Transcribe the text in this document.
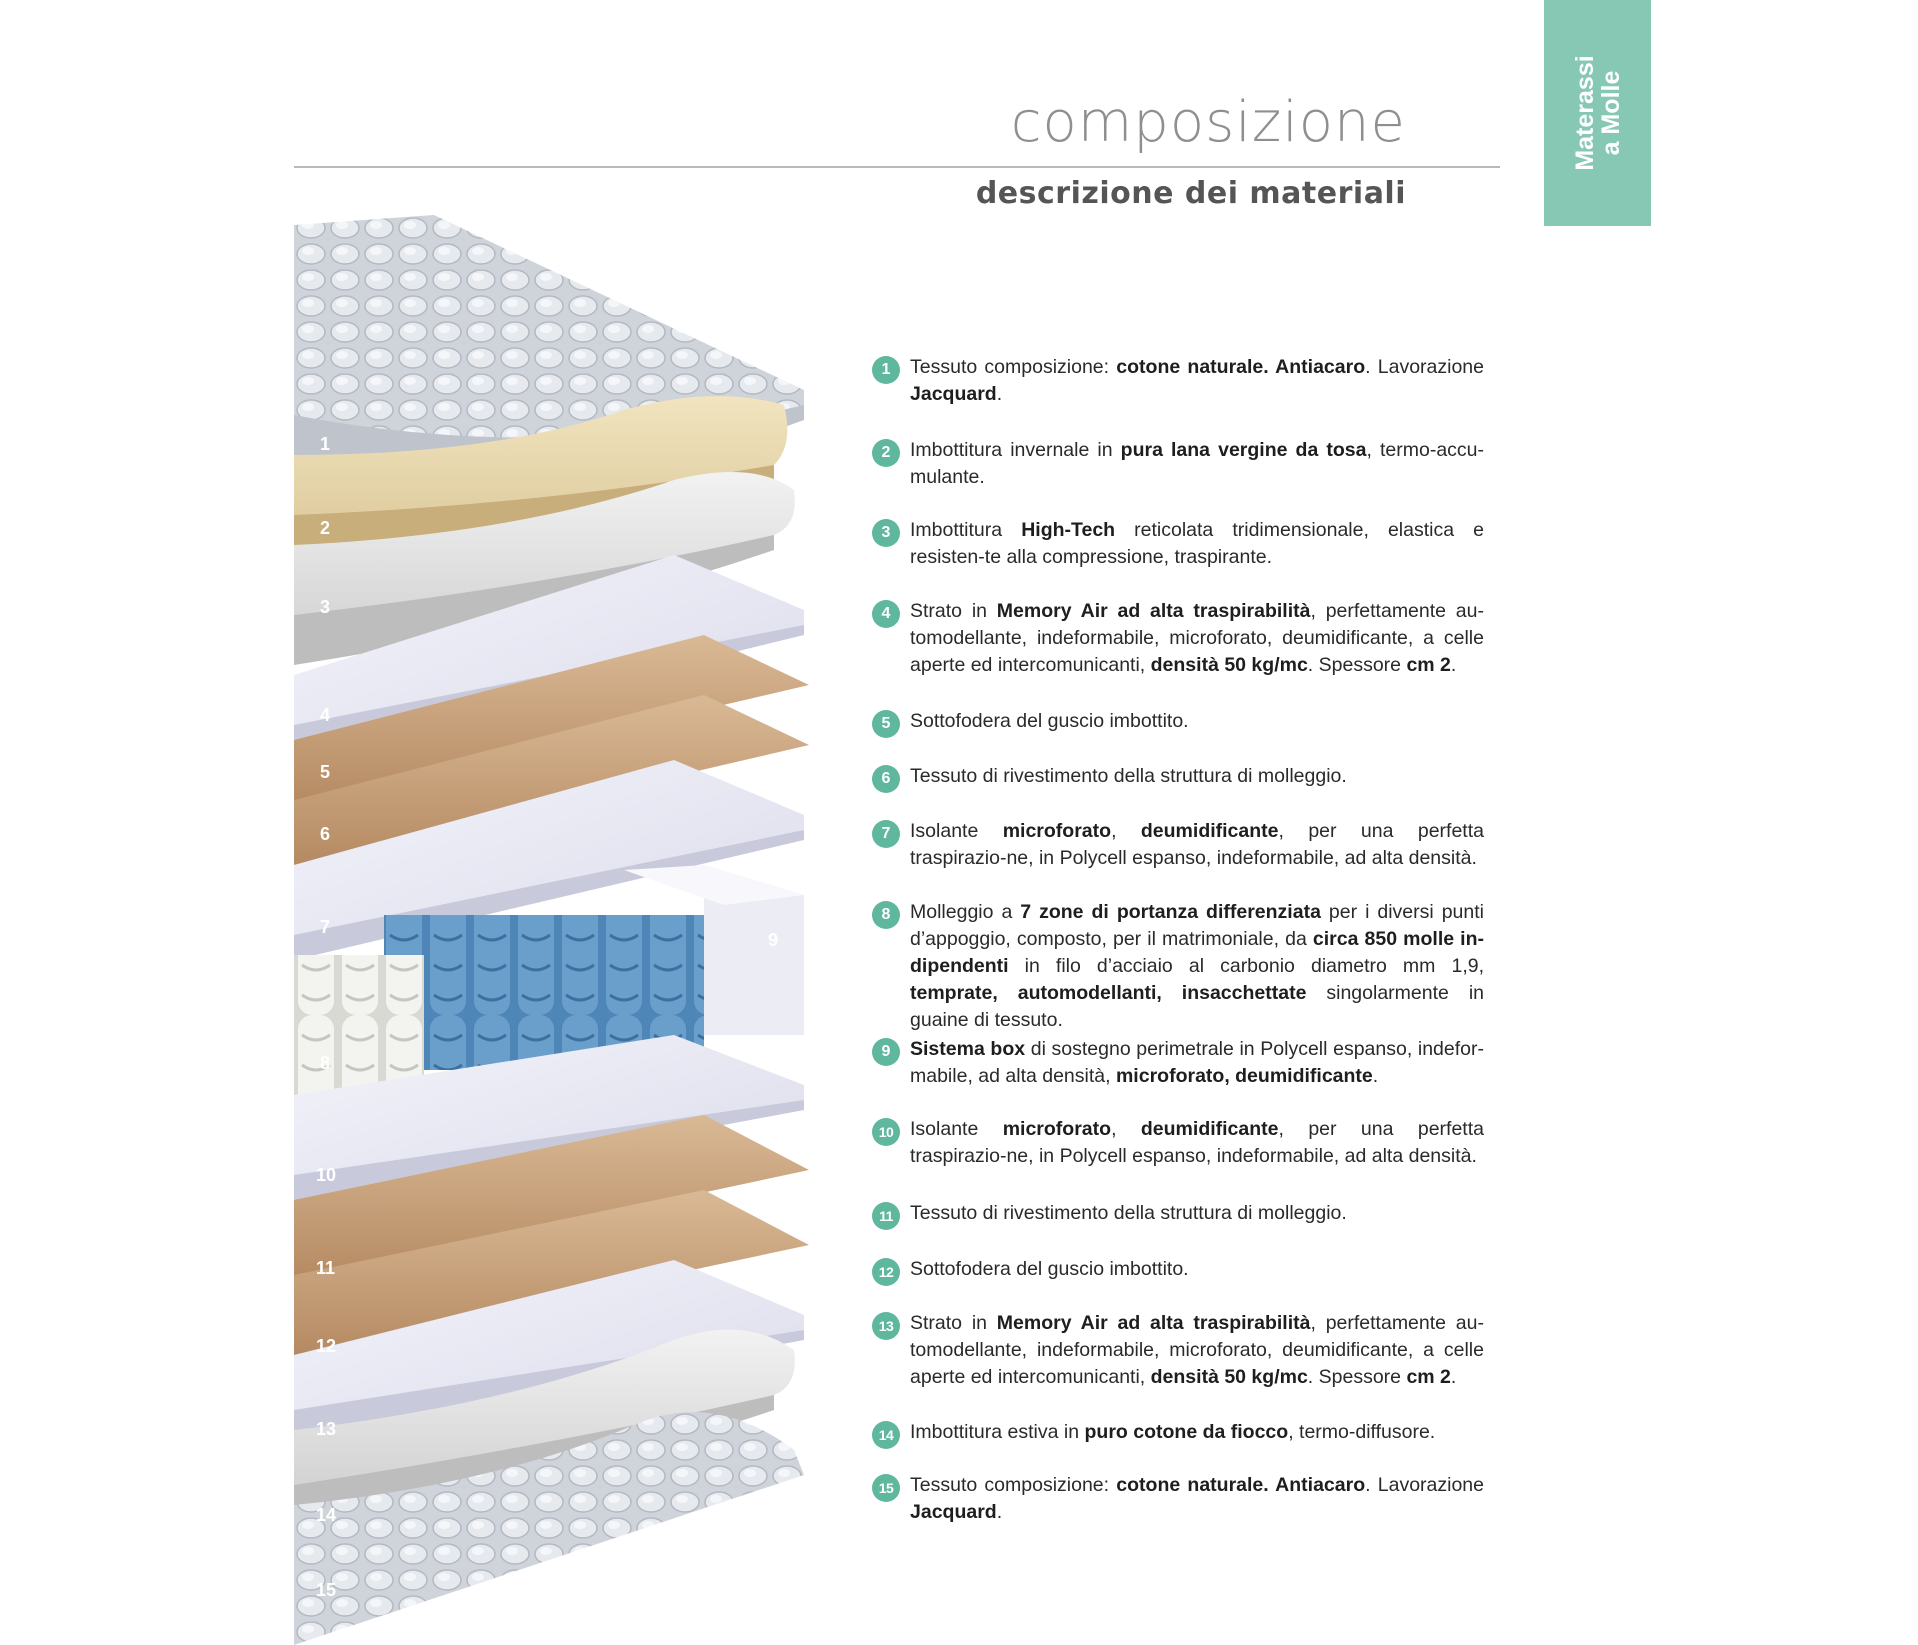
Materassi
a Molle
composizione
descrizione dei materiali
1
2
3
4
5
6
7
8
9
10
11
12
13
14
15
1	Tessuto composizione: cotone naturale. Antiacaro. Lavorazione Jacquard.
2	Imbottitura invernale in pura lana vergine da tosa, termo-accu-mulante.
3	Imbottitura High-Tech reticolata tridimensionale, elastica e resisten-te alla compressione, traspirante.
4	Strato in Memory Air ad alta traspirabilità, perfettamente au-tomodellante, indeformabile, microforato, deumidificante, a celle aperte ed intercomunicanti, densità 50 kg/mc. Spessore cm 2.
5	Sottofodera del guscio imbottito.
6	Tessuto di rivestimento della struttura di molleggio.
7	Isolante microforato, deumidificante, per una perfetta traspirazio-ne, in Polycell espanso, indeformabile, ad alta densità.
8	Molleggio a 7 zone di portanza differenziata per i diversi punti d’appoggio, composto, per il matrimoniale, da circa 850 molle in-dipendenti in filo d’acciaio al carbonio diametro mm 1,9, temprate, automodellanti, insacchettate singolarmente in guaine di tessuto.
9	Sistema box di sostegno perimetrale in Polycell espanso, indefor-mabile, ad alta densità, microforato, deumidificante.
10 Isolante microforato, deumidificante, per una perfetta traspirazio-ne, in Polycell espanso, indeformabile, ad alta densità.
11 Tessuto di rivestimento della struttura di molleggio.
12 Sottofodera del guscio imbottito.
13 Strato in Memory Air ad alta traspirabilità, perfettamente au-tomodellante, indeformabile, microforato, deumidificante, a celle aperte ed intercomunicanti, densità 50 kg/mc. Spessore cm 2.
14 Imbottitura estiva in puro cotone da fiocco, termo-diffusore.
15 Tessuto composizione: cotone naturale. Antiacaro. Lavorazione Jacquard.
